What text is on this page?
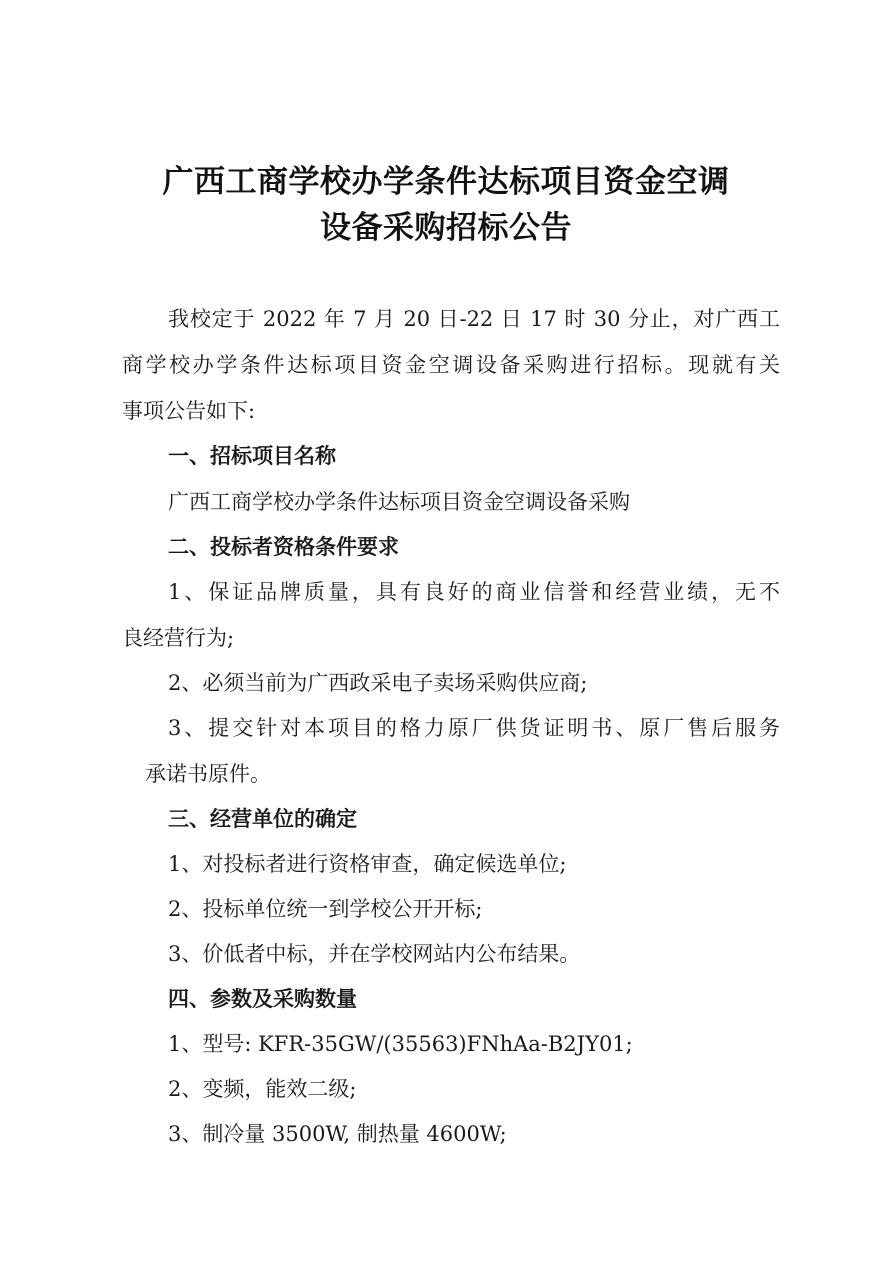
广西工商学校办学条件达标项目资金空调
设备采购招标公告
我校定于 2022 年 7 月 20 日-22 日 17 时 30 分止，对广西工
商学校办学条件达标项目资金空调设备采购进行招标。现就有关
事项公告如下:
一、招标项目名称
广西工商学校办学条件达标项目资金空调设备采购
二、投标者资格条件要求
1、保证品牌质量，具有良好的商业信誉和经营业绩，无不
良经营行为;
2、必须当前为广西政采电子卖场采购供应商;
3、提交针对本项目的格力原厂供货证明书、原厂售后服务
承诺书原件。
三、经营单位的确定
1、对投标者进行资格审查，确定候选单位;
2、投标单位统一到学校公开开标;
3、价低者中标，并在学校网站内公布结果。
四、参数及采购数量
1、型号: KFR-35GW/(35563)FNhAa-B2JY01;
2、变频，能效二级;
3、制冷量 3500W, 制热量 4600W;
